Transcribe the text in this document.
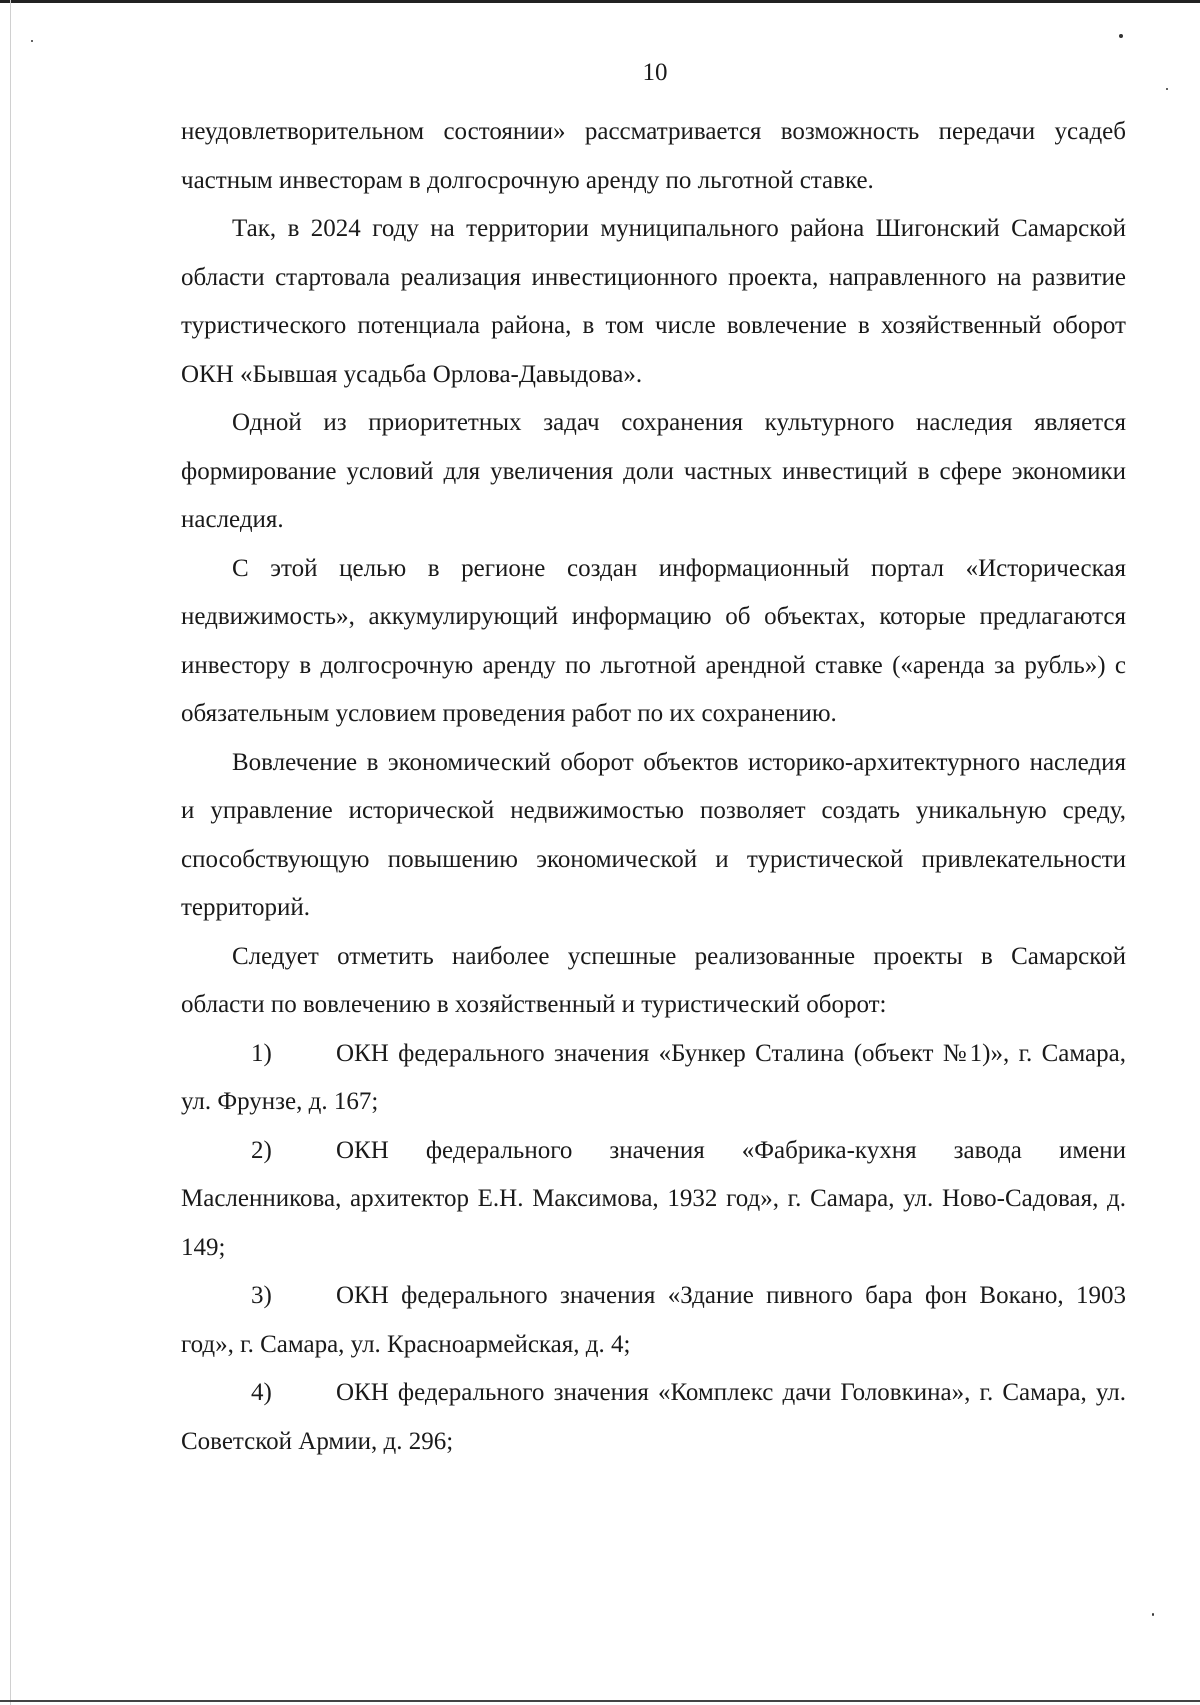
10

неудовлетворительном состоянии» рассматривается возможность передачи усадеб частным инвесторам в долгосрочную аренду по льготной ставке.

Так, в 2024 году на территории муниципального района Шигонский Самарской области стартовала реализация инвестиционного проекта, направленного на развитие туристического потенциала района, в том числе вовлечение в хозяйственный оборот ОКН «Бывшая усадьба Орлова-Давыдова».

Одной из приоритетных задач сохранения культурного наследия является формирование условий для увеличения доли частных инвестиций в сфере экономики наследия.

С этой целью в регионе создан информационный портал «Историческая недвижимость», аккумулирующий информацию об объектах, которые предлагаются инвестору в долгосрочную аренду по льготной арендной ставке («аренда за рубль») с обязательным условием проведения работ по их сохранению.

Вовлечение в экономический оборот объектов историко-архитектурного наследия и управление исторической недвижимостью позволяет создать уникальную среду, способствующую повышению экономической и туристической привлекательности территорий.

Следует отметить наиболее успешные реализованные проекты в Самарской области по вовлечению в хозяйственный и туристический оборот:

1)	ОКН федерального значения «Бункер Сталина (объект №1)», г. Самара, ул. Фрунзе, д. 167;
2)	ОКН федерального значения «Фабрика-кухня завода имени Масленникова, архитектор Е.Н. Максимова, 1932 год», г. Самара, ул. Ново-Садовая, д. 149;
3)	ОКН федерального значения «Здание пивного бара фон Вокано, 1903 год», г. Самара, ул. Красноармейская, д. 4;
4)	ОКН федерального значения «Комплекс дачи Головкина», г. Самара, ул. Советской Армии, д. 296;
